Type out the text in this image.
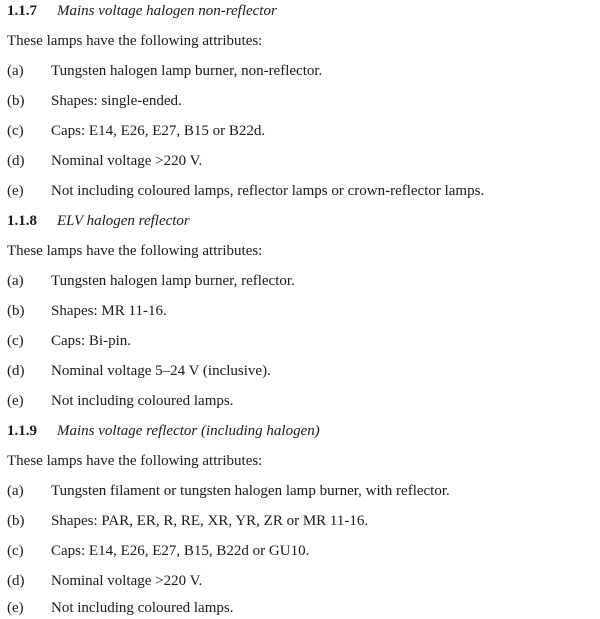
1.1.7 Mains voltage halogen non-reflector
These lamps have the following attributes:
(a) Tungsten halogen lamp burner, non-reflector.
(b) Shapes: single-ended.
(c) Caps: E14, E26, E27, B15 or B22d.
(d) Nominal voltage >220 V.
(e) Not including coloured lamps, reflector lamps or crown-reflector lamps.
1.1.8 ELV halogen reflector
These lamps have the following attributes:
(a) Tungsten halogen lamp burner, reflector.
(b) Shapes: MR 11-16.
(c) Caps: Bi-pin.
(d) Nominal voltage 5–24 V (inclusive).
(e) Not including coloured lamps.
1.1.9 Mains voltage reflector (including halogen)
These lamps have the following attributes:
(a) Tungsten filament or tungsten halogen lamp burner, with reflector.
(b) Shapes: PAR, ER, R, RE, XR, YR, ZR or MR 11-16.
(c) Caps: E14, E26, E27, B15, B22d or GU10.
(d) Nominal voltage >220 V.
(e) Not including coloured lamps.
